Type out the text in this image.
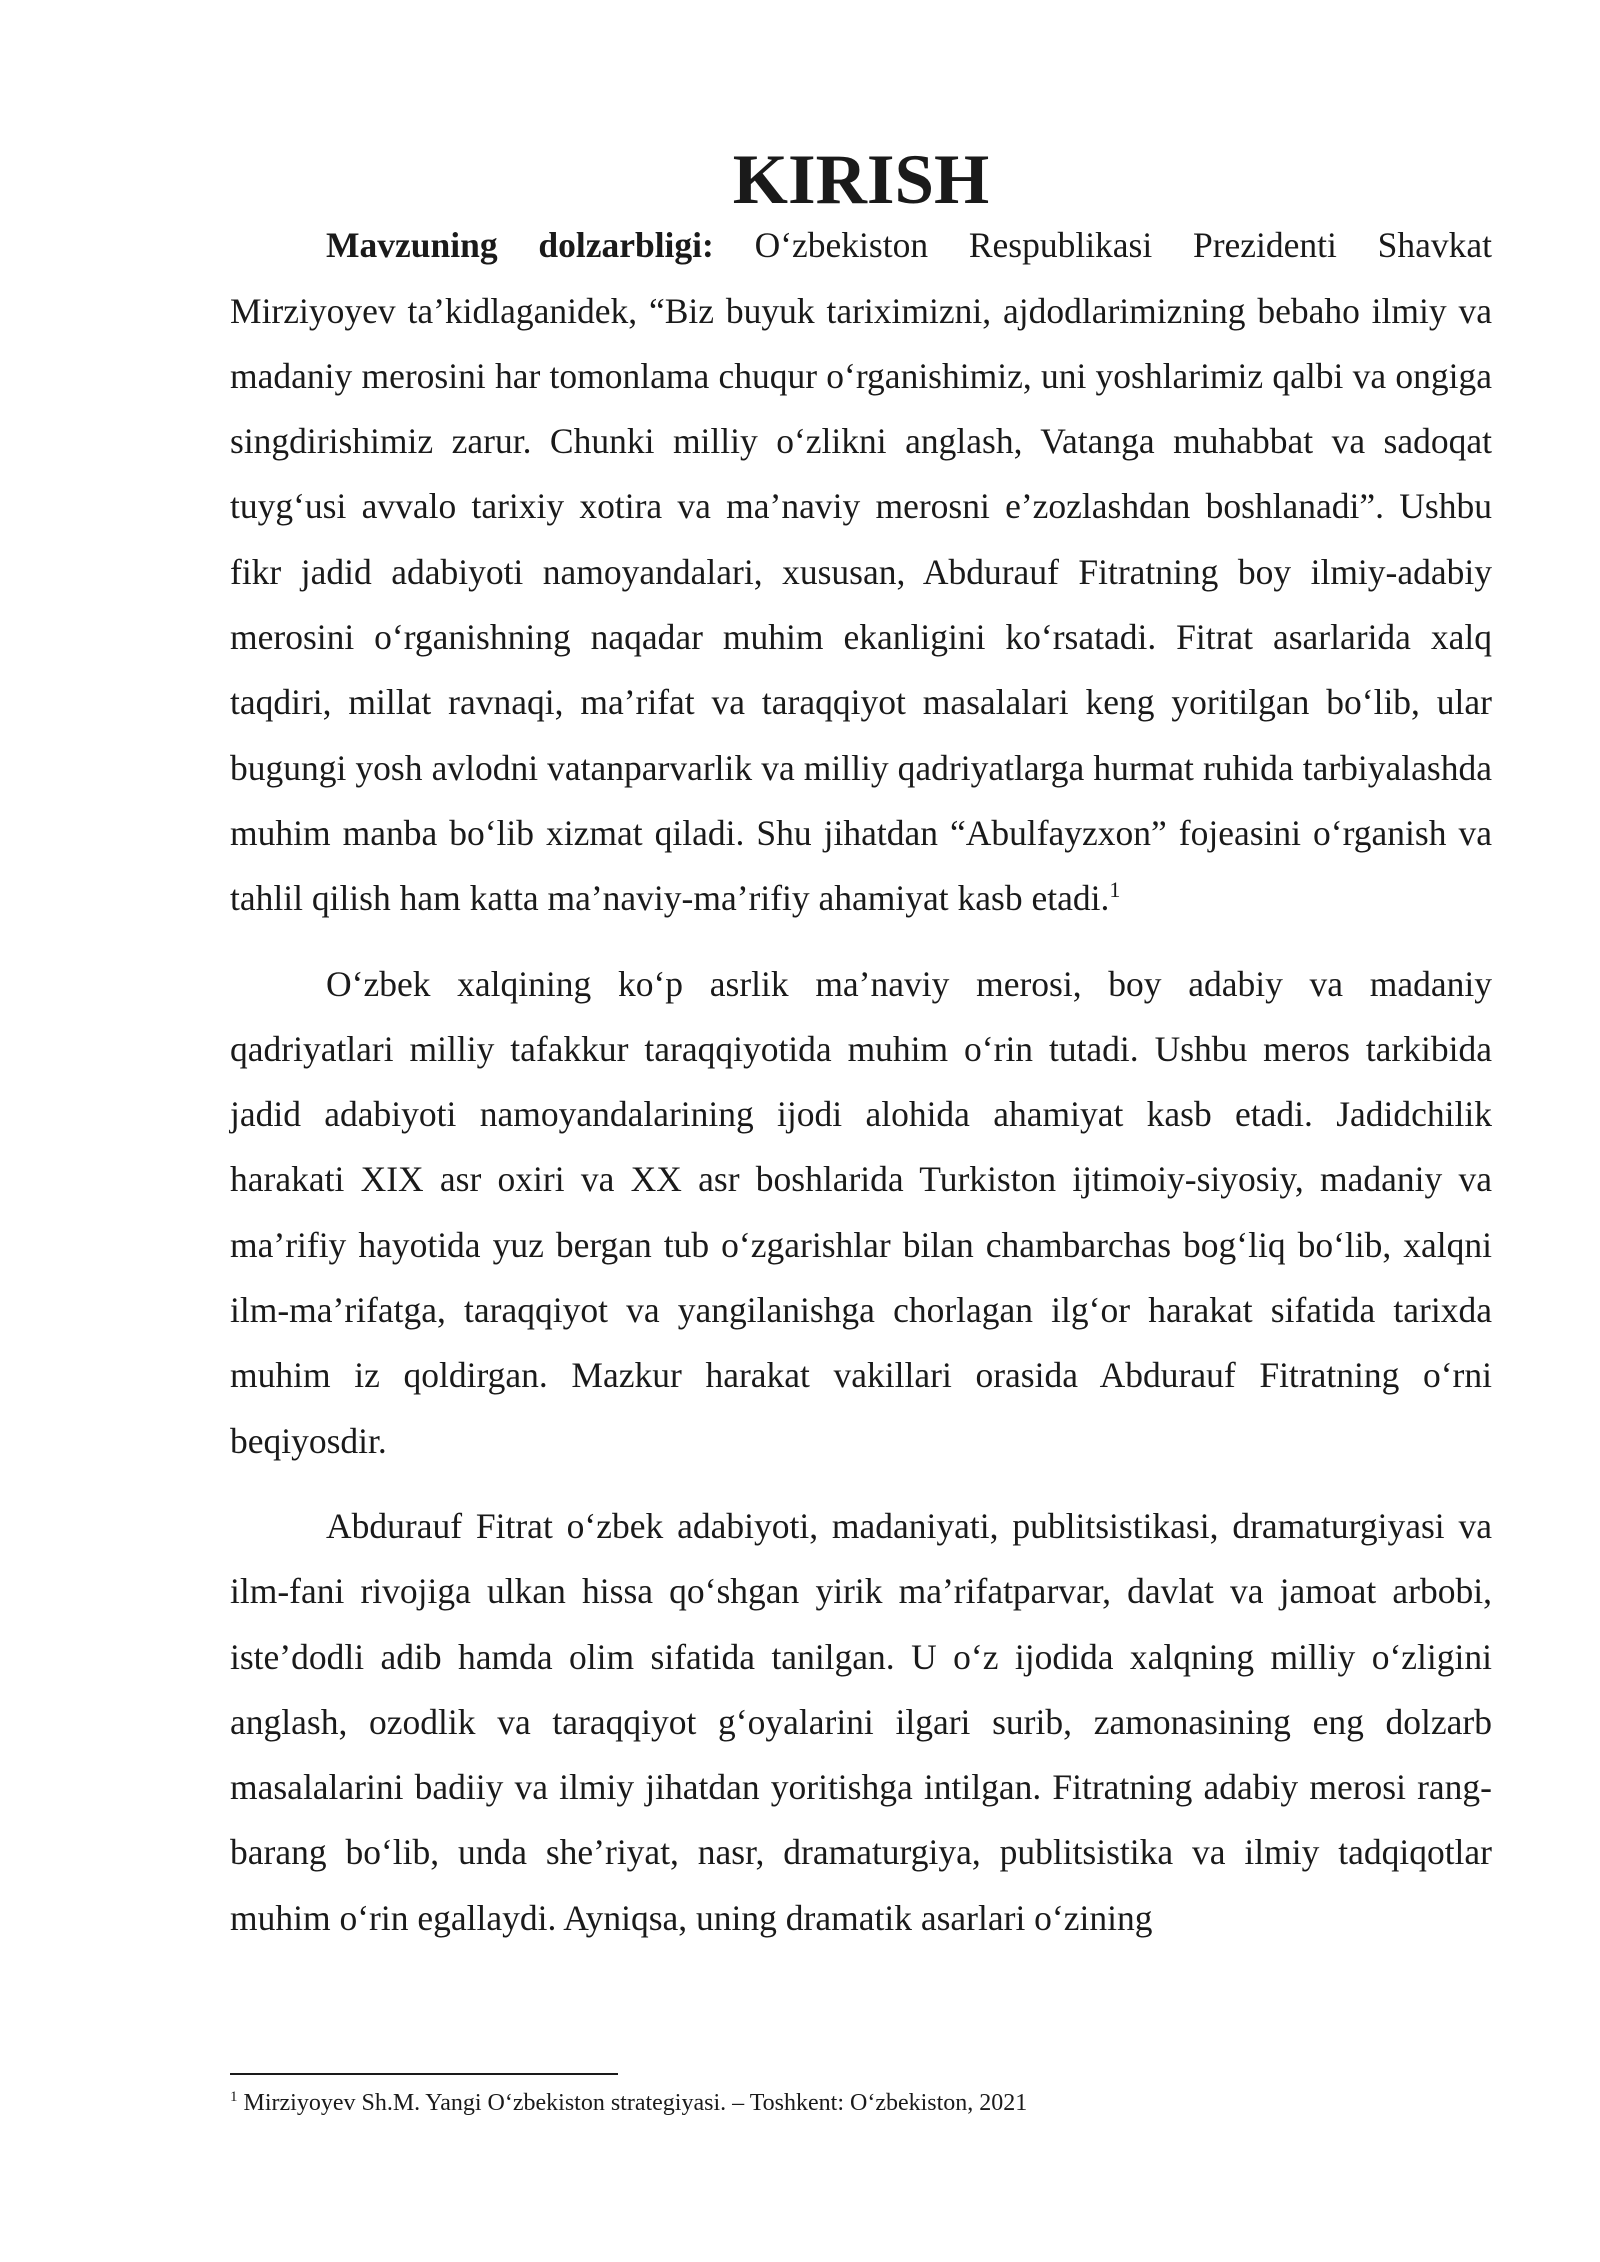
KIRISH

Mavzuning dolzarbligi: O‘zbekiston Respublikasi Prezidenti Shavkat Mirziyoyev ta’kidlaganidek, “Biz buyuk tariximizni, ajdodlarimizning bebaho ilmiy va madaniy merosini har tomonlama chuqur o‘rganishimiz, uni yoshlarimiz qalbi va ongiga singdirishimiz zarur. Chunki milliy o‘zlikni anglash, Vatanga muhabbat va sadoqat tuyg‘usi avvalo tarixiy xotira va ma’naviy merosni e’zozlashdan boshlanadi”. Ushbu fikr jadid adabiyoti namoyandalari, xususan, Abdurauf Fitratning boy ilmiy-adabiy merosini o‘rganishning naqadar muhim ekanligini ko‘rsatadi. Fitrat asarlarida xalq taqdiri, millat ravnaqi, ma’rifat va taraqqiyot masalalari keng yoritilgan bo‘lib, ular bugungi yosh avlodni vatanparvarlik va milliy qadriyatlarga hurmat ruhida tarbiyalashda muhim manba bo‘lib xizmat qiladi. Shu jihatdan “Abulfayzxon” fojeasini o‘rganish va tahlil qilish ham katta ma’naviy-ma’rifiy ahamiyat kasb etadi.$^1$

O‘zbek xalqining ko‘p asrlik ma’naviy merosi, boy adabiy va madaniy qadriyatlari milliy tafakkur taraqqiyotida muhim o‘rin tutadi. Ushbu meros tarkibida jadid adabiyoti namoyandalarining ijodi alohida ahamiyat kasb etadi. Jadidchilik harakati XIX asr oxiri va XX asr boshlarida Turkiston ijtimoiy-siyosiy, madaniy va ma’rifiy hayotida yuz bergan tub o‘zgarishlar bilan chambarchas bog‘liq bo‘lib, xalqni ilm-ma’rifatga, taraqqiyot va yangilanishga chorlagan ilg‘or harakat sifatida tarixda muhim iz qoldirgan. Mazkur harakat vakillari orasida Abdurauf Fitratning o‘rni beqiyosdir.

Abdurauf Fitrat o‘zbek adabiyoti, madaniyati, publitsistikasi, dramaturgiyasi va ilm-fani rivojiga ulkan hissa qo‘shgan yirik ma’rifatparvar, davlat va jamoat arbobi, iste’dodli adib hamda olim sifatida tanilgan. U o‘z ijodida xalqning milliy o‘zligini anglash, ozodlik va taraqqiyot g‘oyalarini ilgari surib, zamonasining eng dolzarb masalalarini badiiy va ilmiy jihatdan yoritishga intilgan. Fitratning adabiy merosi rang-barang bo‘lib, unda she’riyat, nasr, dramaturgiya, publitsistika va ilmiy tadqiqotlar muhim o‘rin egallaydi. Ayniqsa, uning dramatik asarlari o‘zining

$^1$ Mirziyoyev Sh.M. Yangi O‘zbekiston strategiyasi. – Toshkent: O‘zbekiston, 2021
